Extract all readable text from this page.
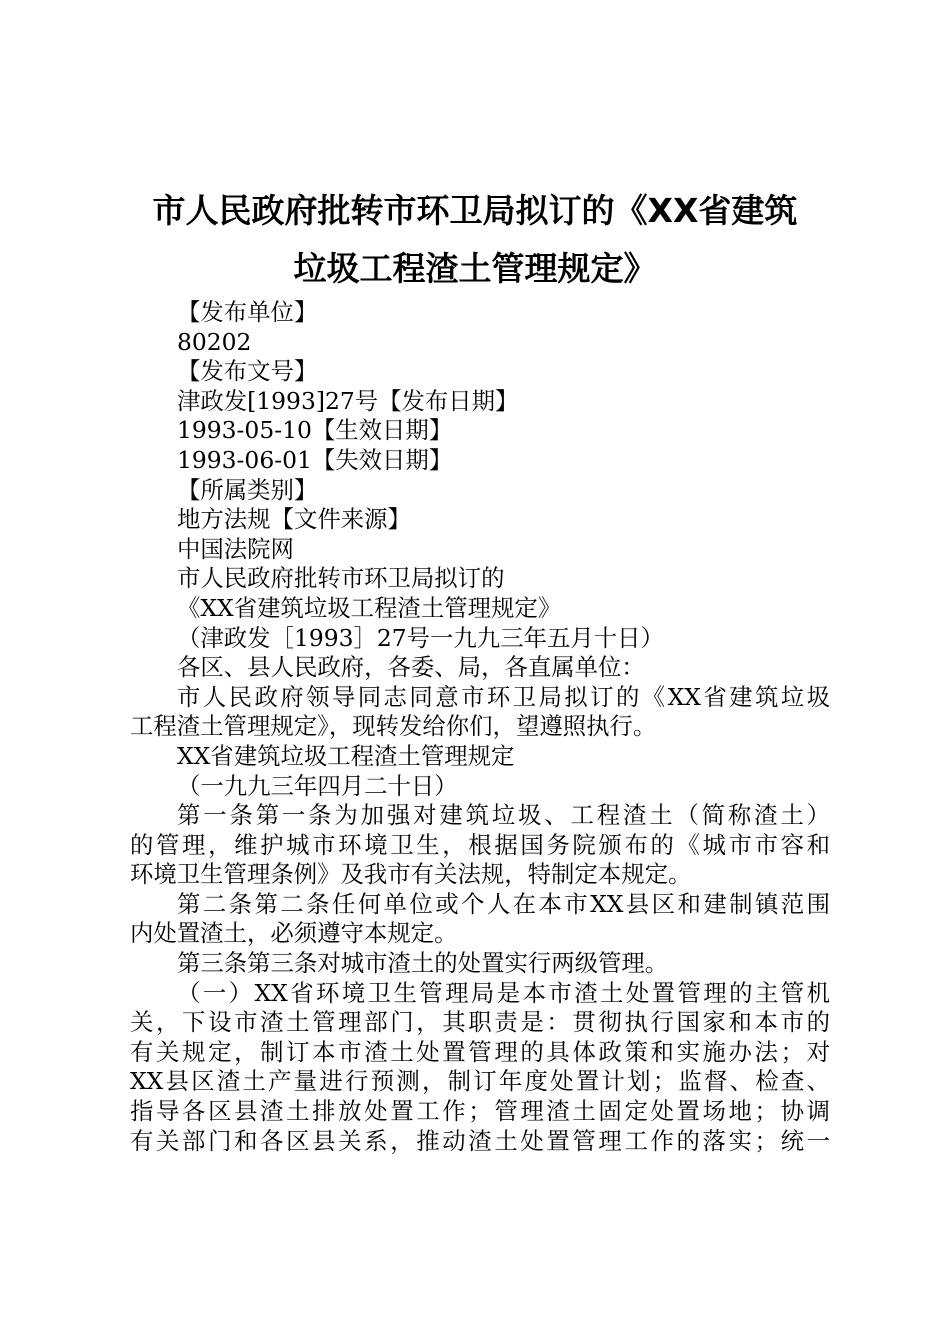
市人民政府批转市环卫局拟订的《XX省建筑
垃圾工程渣土管理规定》

【发布单位】

80202

【发布文号】

津政发[1993]27号【发布日期】

1993-05-10【生效日期】

1993-06-01【失效日期】

【所属类别】

地方法规【文件来源】

中国法院网

市人民政府批转市环卫局拟订的

《XX省建筑垃圾工程渣土管理规定》

（津政发［1993］27号一九九三年五月十日）

各区、县人民政府，各委、局，各直属单位：

市人民政府领导同志同意市环卫局拟订的《XX省建筑垃圾

工程渣土管理规定》，现转发给你们，望遵照执行。

XX省建筑垃圾工程渣土管理规定

（一九九三年四月二十日）

第一条第一条为加强对建筑垃圾、工程渣土（简称渣土）

的管理，维护城市环境卫生，根据国务院颁布的《城市市容和

环境卫生管理条例》及我市有关法规，特制定本规定。

第二条第二条任何单位或个人在本市XX县区和建制镇范围

内处置渣土，必须遵守本规定。

第三条第三条对城市渣土的处置实行两级管理。

（一）XX省环境卫生管理局是本市渣土处置管理的主管机

关，下设市渣土管理部门，其职责是：贯彻执行国家和本市的

有关规定，制订本市渣土处置管理的具体政策和实施办法；对

XX县区渣土产量进行预测，制订年度处置计划；监督、检查、

指导各区县渣土排放处置工作；管理渣土固定处置场地；协调

有关部门和各区县关系，推动渣土处置管理工作的落实；统一
